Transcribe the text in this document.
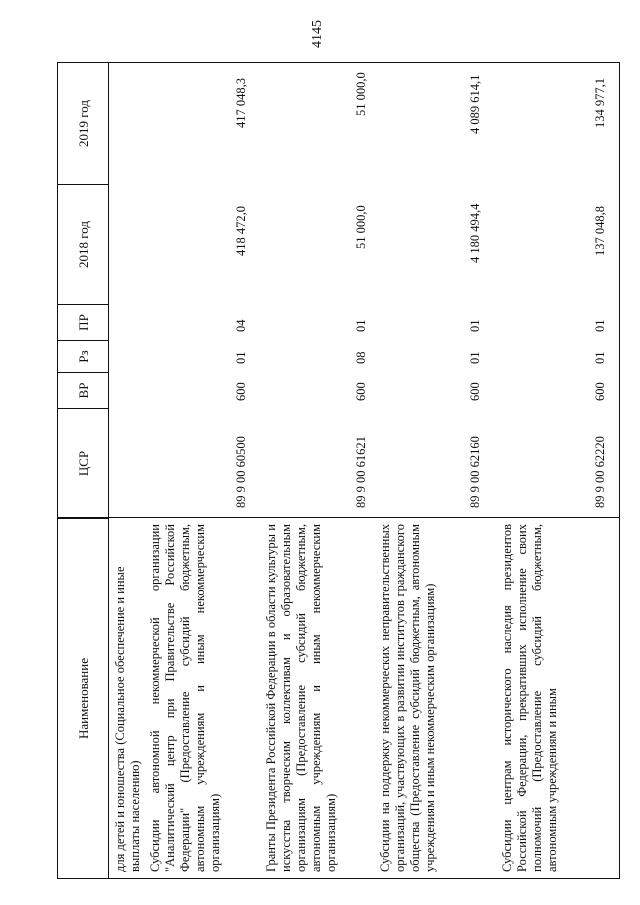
4145
Наименование
ЦСР
ВР
Рз
ПР
2018 год
2019 год
для детей и юношества (Социальное обеспечение и иные выплаты населению) Субсидии автономной некоммерческой организации "Аналитический центр при Правительстве Российской Федерации" (Предоставление субсидий бюджетным, автономным учреждениям и иным некоммерческим организациям)
89 9 00 60500
600
01
04
418 472,0
417 048,3
Гранты Президента Российской Федерации в области культуры и искусства творческим коллективам и образовательным организациям (Предоставление субсидий бюджетным, автономным учреждениям и иным некоммерческим организациям)
89 9 00 61621
600
08
01
51 000,0
51 000,0
Субсидии на поддержку некоммерческих неправительственных организаций, участвующих в развитии институтов гражданского общества (Предоставление субсидий бюджетным, автономным учреждениям и иным некоммерческим организациям)
89 9 00 62160
600
01
01
4 180 494,4
4 089 614,1
Субсидии центрам исторического наследия президентов Российской Федерации, прекративших исполнение своих полномочий (Предоставление субсидий бюджетным, автономным учреждениям и иным
89 9 00 62220
600
01
01
137 048,8
134 977,1
